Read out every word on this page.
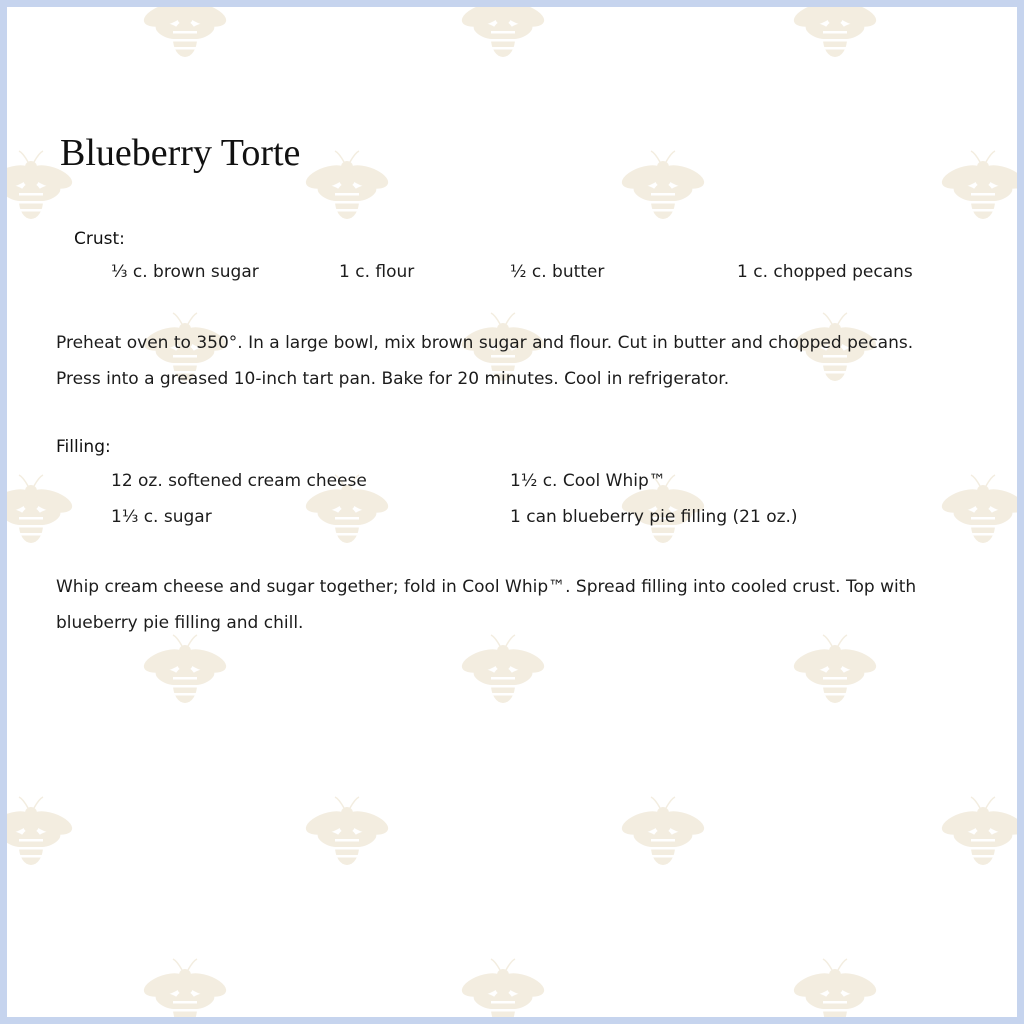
Blueberry Torte
Crust:
⅓ c. brown sugar	1 c. flour	½ c. butter	1 c. chopped pecans
Preheat oven to 350°. In a large bowl, mix brown sugar and flour. Cut in butter and chopped pecans.
Press into a greased 10-inch tart pan. Bake for 20 minutes. Cool in refrigerator.
Filling:
12 oz. softened cream cheese	1½ c. Cool Whip™
1⅓ c. sugar	1 can blueberry pie filling (21 oz.)
Whip cream cheese and sugar together; fold in Cool Whip™. Spread filling into cooled crust. Top with
blueberry pie filling and chill.
